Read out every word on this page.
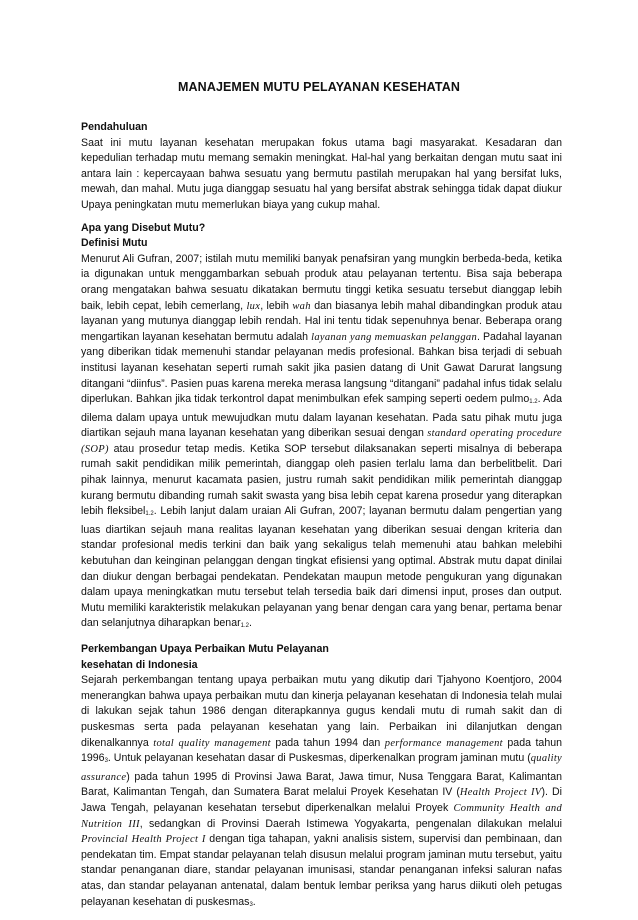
MANAJEMEN MUTU PELAYANAN KESEHATAN
Pendahuluan

Saat ini mutu layanan kesehatan merupakan fokus utama bagi masyarakat. Kesadaran dan kepedulian terhadap mutu memang semakin meningkat. Hal-hal yang berkaitan dengan mutu saat ini antara lain : kepercayaan bahwa sesuatu yang bermutu pastilah merupakan hal yang bersifat luks, mewah, dan mahal. Mutu juga dianggap sesuatu hal yang bersifat abstrak sehingga tidak dapat diukur Upaya peningkatan mutu memerlukan biaya yang cukup mahal.

Apa yang Disebut Mutu?
Definisi Mutu

Menurut Ali Gufran, 2007; istilah mutu memiliki banyak penafsiran yang mungkin berbeda-beda, ketika ia digunakan untuk menggambarkan sebuah produk atau pelayanan tertentu. Bisa saja beberapa orang mengatakan bahwa sesuatu dikatakan bermutu tinggi ketika sesuatu tersebut dianggap lebih baik, lebih cepat, lebih cemerlang, lux, lebih wah dan biasanya lebih mahal dibandingkan produk atau layanan yang mutunya dianggap lebih rendah. Hal ini tentu tidak sepenuhnya benar. Beberapa orang mengartikan layanan kesehatan bermutu adalah layanan yang memuaskan pelanggan. Padahal layanan yang diberikan tidak memenuhi standar pelayanan medis profesional. Bahkan bisa terjadi di sebuah institusi layanan kesehatan seperti rumah sakit jika pasien datang di Unit Gawat Darurat langsung ditangani “diinfus”. Pasien puas karena mereka merasa langsung “ditangani” padahal infus tidak selalu diperlukan. Bahkan jika tidak terkontrol dapat menimbulkan efek samping seperti oedem pulmo$_{1.2}$. Ada dilema dalam upaya untuk mewujudkan mutu dalam layanan kesehatan. Pada satu pihak mutu juga diartikan sejauh mana layanan kesehatan yang diberikan sesuai dengan standard operating procedure (SOP) atau prosedur tetap medis. Ketika SOP tersebut dilaksanakan seperti misalnya di beberapa rumah sakit pendidikan milik pemerintah, dianggap oleh pasien terlalu lama dan berbelitbelit. Dari pihak lainnya, menurut kacamata pasien, justru rumah sakit pendidikan milik pemerintah dianggap kurang bermutu dibanding rumah sakit swasta yang bisa lebih cepat karena prosedur yang diterapkan lebih fleksibel$_{1.2}$. Lebih lanjut dalam uraian Ali Gufran, 2007; layanan bermutu dalam pengertian yang luas diartikan sejauh mana realitas layanan kesehatan yang diberikan sesuai dengan kriteria dan standar profesional medis terkini dan baik yang sekaligus telah memenuhi atau bahkan melebihi kebutuhan dan keinginan pelanggan dengan tingkat efisiensi yang optimal. Abstrak mutu dapat dinilai dan diukur dengan berbagai pendekatan. Pendekatan maupun metode pengukuran yang digunakan dalam upaya meningkatkan mutu tersebut telah tersedia baik dari dimensi input, proses dan output. Mutu memiliki karakteristik melakukan pelayanan yang benar dengan cara yang benar, pertama benar dan selanjutnya diharapkan benar$_{1.2}$.

Perkembangan Upaya Perbaikan Mutu Pelayanan
kesehatan di Indonesia

Sejarah perkembangan tentang upaya perbaikan mutu yang dikutip dari Tjahyono Koentjoro, 2004 menerangkan bahwa upaya perbaikan mutu dan kinerja pelayanan kesehatan di Indonesia telah mulai di lakukan sejak tahun 1986 dengan diterapkannya gugus kendali mutu di rumah sakit dan di puskesmas serta pada pelayanan kesehatan yang lain. Perbaikan ini dilanjutkan dengan dikenalkannya total quality management pada tahun 1994 dan performance management pada tahun $1996_3$. Untuk pelayanan kesehatan dasar di Puskesmas, diperkenalkan program jaminan mutu (quality assurance) pada tahun 1995 di Provinsi Jawa Barat, Jawa timur, Nusa Tenggara Barat, Kalimantan Barat, Kalimantan Tengah, dan Sumatera Barat melalui Proyek Kesehatan IV (Health Project IV). Di Jawa Tengah, pelayanan kesehatan tersebut diperkenalkan melalui Proyek Community Health and Nutrition III, sedangkan di Provinsi Daerah Istimewa Yogyakarta, pengenalan dilakukan melalui Provincial Health Project I dengan tiga tahapan, yakni analisis sistem, supervisi dan pembinaan, dan pendekatan tim. Empat standar pelayanan telah disusun melalui program jaminan mutu tersebut, yaitu standar penanganan diare, standar pelayanan imunisasi, standar penanganan infeksi saluran nafas atas, dan standar pelayanan antenatal, dalam bentuk lembar periksa yang harus diikuti oleh petugas pelayanan kesehatan di puskesmas$_3$.
